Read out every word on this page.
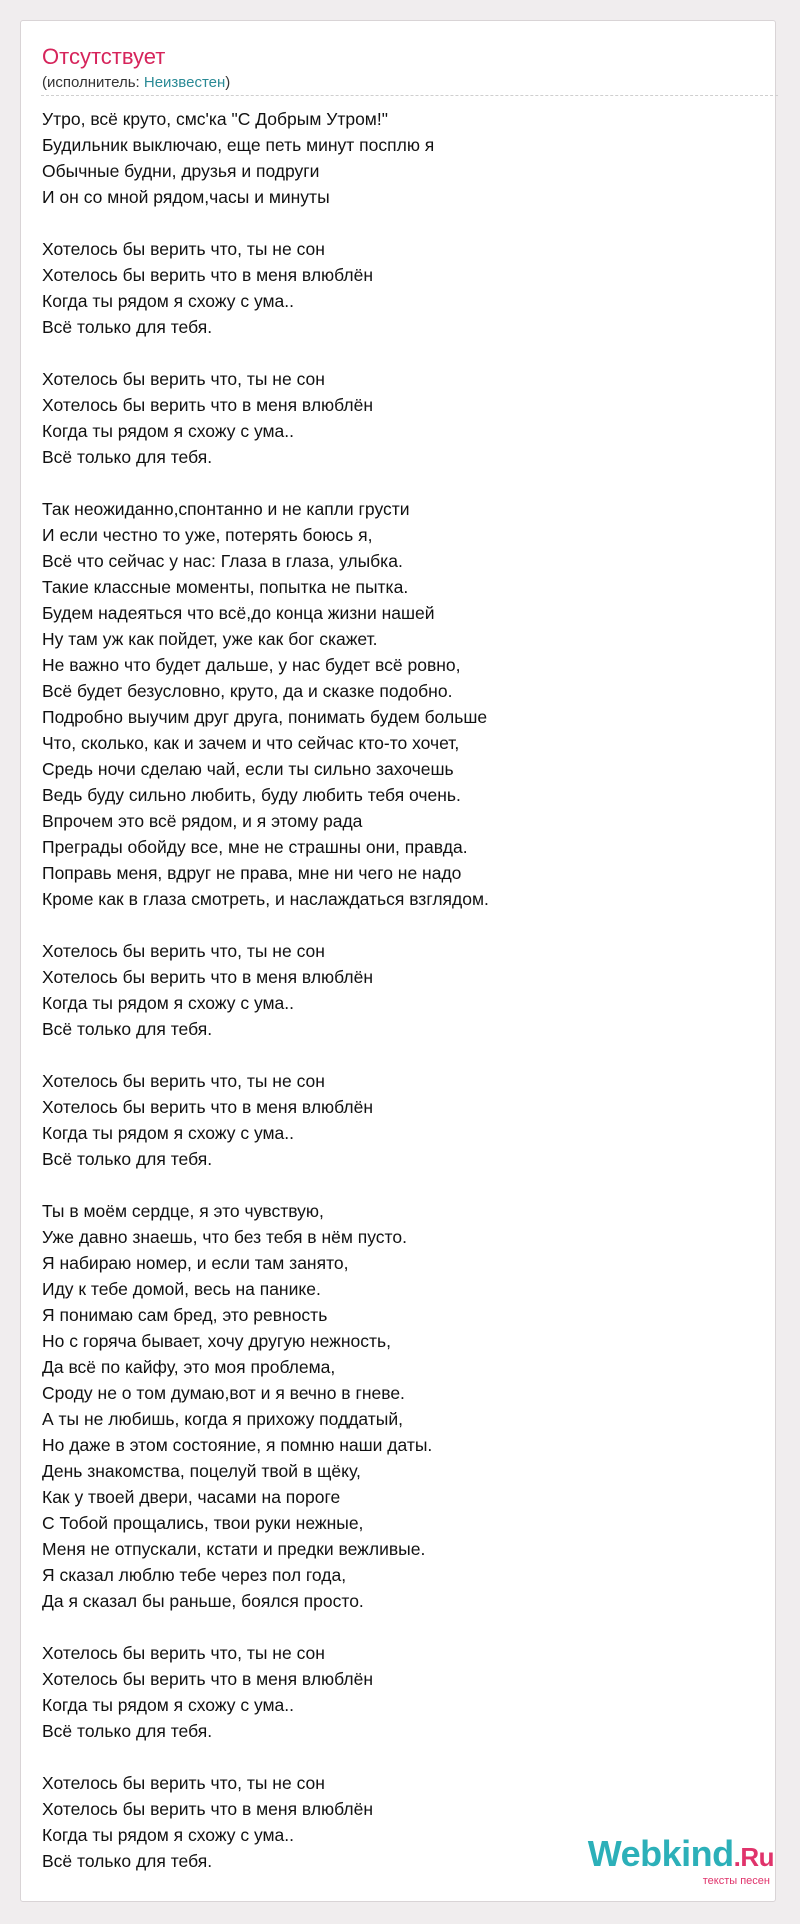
Отсутствует
(исполнитель: Неизвестен)
Утро, всё круто, смс'ка "С Добрым Утром!"
Будильник выключаю, еще петь минут посплю я
Обычные будни, друзья и подруги
И он со мной рядом,часы и минуты
Хотелось бы верить что, ты не сон
Хотелось бы верить что в меня влюблён
Когда ты рядом я схожу с ума..
Всё только для тебя.
Хотелось бы верить что, ты не сон
Хотелось бы верить что в меня влюблён
Когда ты рядом я схожу с ума..
Всё только для тебя.
Так неожиданно,спонтанно и не капли грусти
И если честно то уже, потерять боюсь я,
Всё что сейчас у нас: Глаза в глаза, улыбка.
Такие классные моменты, попытка не пытка.
Будем надеяться что всё,до конца жизни нашей
Ну там уж как пойдет, уже как бог скажет.
Не важно что будет дальше, у нас будет всё ровно,
Всё будет безусловно, круто, да и сказке подобно.
Подробно выучим друг друга, понимать будем больше
Что, сколько, как и зачем и что сейчас кто-то хочет,
Средь ночи сделаю чай, если ты сильно захочешь
Ведь буду сильно любить, буду любить тебя очень.
Впрочем это всё рядом, и я этому рада
Преграды обойду все, мне не страшны они, правда.
Поправь меня, вдруг не права, мне ни чего не надо
Кроме как в глаза смотреть, и наслаждаться взглядом.
Хотелось бы верить что, ты не сон
Хотелось бы верить что в меня влюблён
Когда ты рядом я схожу с ума..
Всё только для тебя.
Хотелось бы верить что, ты не сон
Хотелось бы верить что в меня влюблён
Когда ты рядом я схожу с ума..
Всё только для тебя.
Ты в моём сердце, я это чувствую,
Уже давно знаешь, что без тебя в нём пусто.
Я набираю номер, и если там занято,
Иду к тебе домой, весь на панике.
Я понимаю сам бред, это ревность
Но с горяча бывает, хочу другую нежность,
Да всё по кайфу, это моя проблема,
Сроду не о том думаю,вот и я вечно в гневе.
А ты не любишь, когда я прихожу поддатый,
Но даже в этом состояние, я помню наши даты.
День знакомства, поцелуй твой в щёку,
Как у твоей двери, часами на пороге
С Тобой прощались, твои руки нежные,
Меня не отпускали, кстати и предки вежливые.
Я сказал люблю тебе через пол года,
Да я сказал бы раньше, боялся просто.
Хотелось бы верить что, ты не сон
Хотелось бы верить что в меня влюблён
Когда ты рядом я схожу с ума..
Всё только для тебя.
Хотелось бы верить что, ты не сон
Хотелось бы верить что в меня влюблён
Когда ты рядом я схожу с ума..
Всё только для тебя.	Webkind.Ru
тексты песен
